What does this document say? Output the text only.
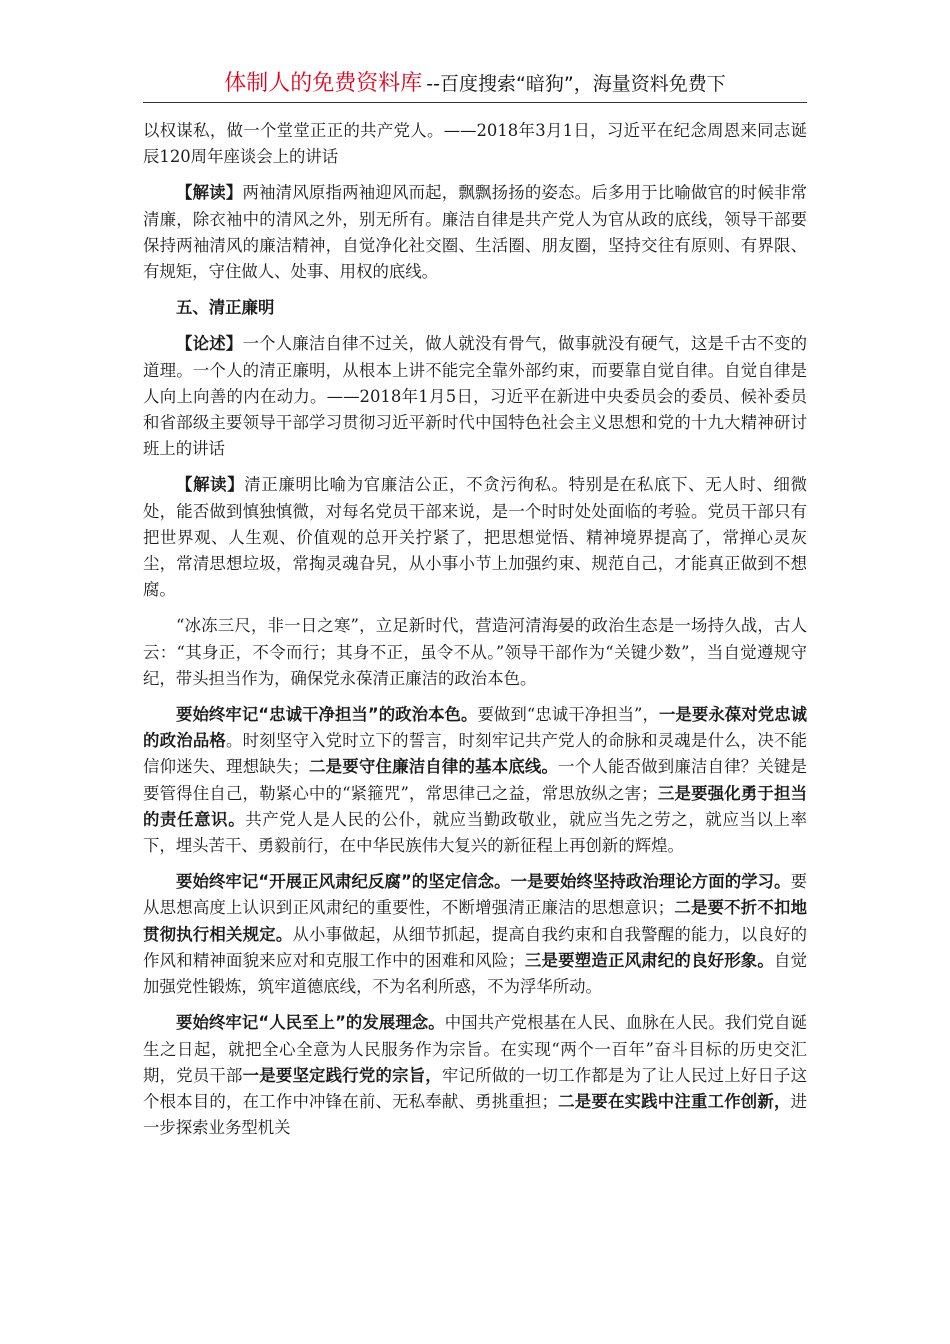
体制人的免费资料库 --百度搜索“暗狗”，海量资料免费下

以权谋私，做一个堂堂正正的共产党人。——2018年3月1日，习近平在纪念周恩来同志诞辰120周年座谈会上的讲话

【解读】两袖清风原指两袖迎风而起，飘飘扬扬的姿态。后多用于比喻做官的时候非常清廉，除衣袖中的清风之外，别无所有。廉洁自律是共产党人为官从政的底线，领导干部要保持两袖清风的廉洁精神，自觉净化社交圈、生活圈、朋友圈，坚持交往有原则、有界限、有规矩，守住做人、处事、用权的底线。

五、清正廉明

【论述】一个人廉洁自律不过关，做人就没有骨气，做事就没有硬气，这是千古不变的道理。一个人的清正廉明，从根本上讲不能完全靠外部约束，而要靠自觉自律。自觉自律是人向上向善的内在动力。——2018年1月5日，习近平在新进中央委员会的委员、候补委员和省部级主要领导干部学习贯彻习近平新时代中国特色社会主义思想和党的十九大精神研讨班上的讲话

【解读】清正廉明比喻为官廉洁公正，不贪污徇私。特别是在私底下、无人时、细微处，能否做到慎独慎微，对每名党员干部来说，是一个时时处处面临的考验。党员干部只有把世界观、人生观、价值观的总开关拧紧了，把思想觉悟、精神境界提高了，常掸心灵灰尘，常清思想垃圾，常掏灵魂旮旯，从小事小节上加强约束、规范自己，才能真正做到不想腐。

“冰冻三尺，非一日之寒”，立足新时代，营造河清海晏的政治生态是一场持久战，古人云：“其身正，不令而行；其身不正，虽令不从。”领导干部作为“关键少数”，当自觉遵规守纪，带头担当作为，确保党永葆清正廉洁的政治本色。

要始终牢记“忠诚干净担当”的政治本色。要做到“忠诚干净担当”，一是要永葆对党忠诚的政治品格。时刻坚守入党时立下的誓言，时刻牢记共产党人的命脉和灵魂是什么，决不能信仰迷失、理想缺失；二是要守住廉洁自律的基本底线。一个人能否做到廉洁自律？关键是要管得住自己，勒紧心中的“紧箍咒”，常思律己之益，常思放纵之害；三是要强化勇于担当的责任意识。共产党人是人民的公仆，就应当勤政敬业，就应当先之劳之，就应当以上率下，埋头苦干、勇毅前行，在中华民族伟大复兴的新征程上再创新的辉煌。

要始终牢记“开展正风肃纪反腐”的坚定信念。一是要始终坚持政治理论方面的学习。要从思想高度上认识到正风肃纪的重要性，不断增强清正廉洁的思想意识；二是要不折不扣地贯彻执行相关规定。从小事做起，从细节抓起，提高自我约束和自我警醒的能力，以良好的作风和精神面貌来应对和克服工作中的困难和风险；三是要塑造正风肃纪的良好形象。自觉加强党性锻炼，筑牢道德底线，不为名利所惑，不为浮华所动。

要始终牢记“人民至上”的发展理念。中国共产党根基在人民、血脉在人民。我们党自诞生之日起，就把全心全意为人民服务作为宗旨。在实现“两个一百年”奋斗目标的历史交汇期，党员干部一是要坚定践行党的宗旨，牢记所做的一切工作都是为了让人民过上好日子这个根本目的，在工作中冲锋在前、无私奉献、勇挑重担；二是要在实践中注重工作创新，进一步探索业务型机关
